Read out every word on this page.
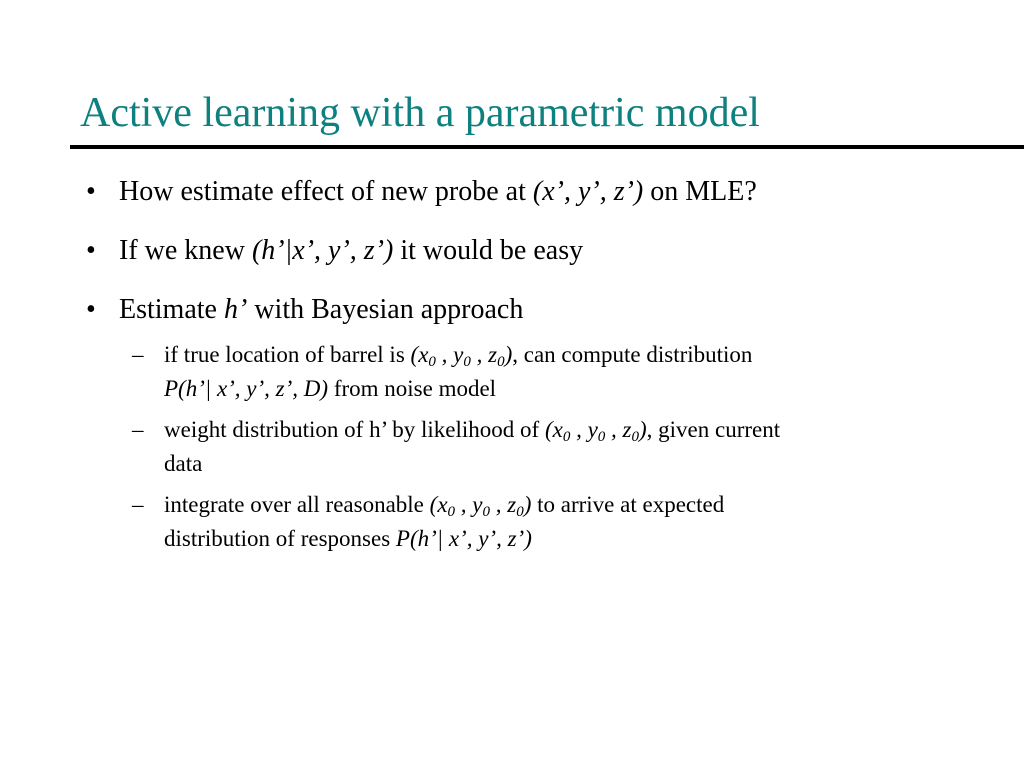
Active learning with a parametric model
• How estimate effect of new probe at (x’, y’, z’) on MLE?
• If we knew (h’|x’, y’, z’) it would be easy
• Estimate h’ with Bayesian approach
– if true location of barrel is ($x_0$ , $y_0$ , $z_0$), can compute distribution
P(h’| x’, y’, z’, D) from noise model
– weight distribution of h’ by likelihood of ($x_0$ , $y_0$ , $z_0$), given current
data
– integrate over all reasonable ($x_0$ , $y_0$ , $z_0$) to arrive at expected
distribution of responses P(h’| x’, y’, z’)
